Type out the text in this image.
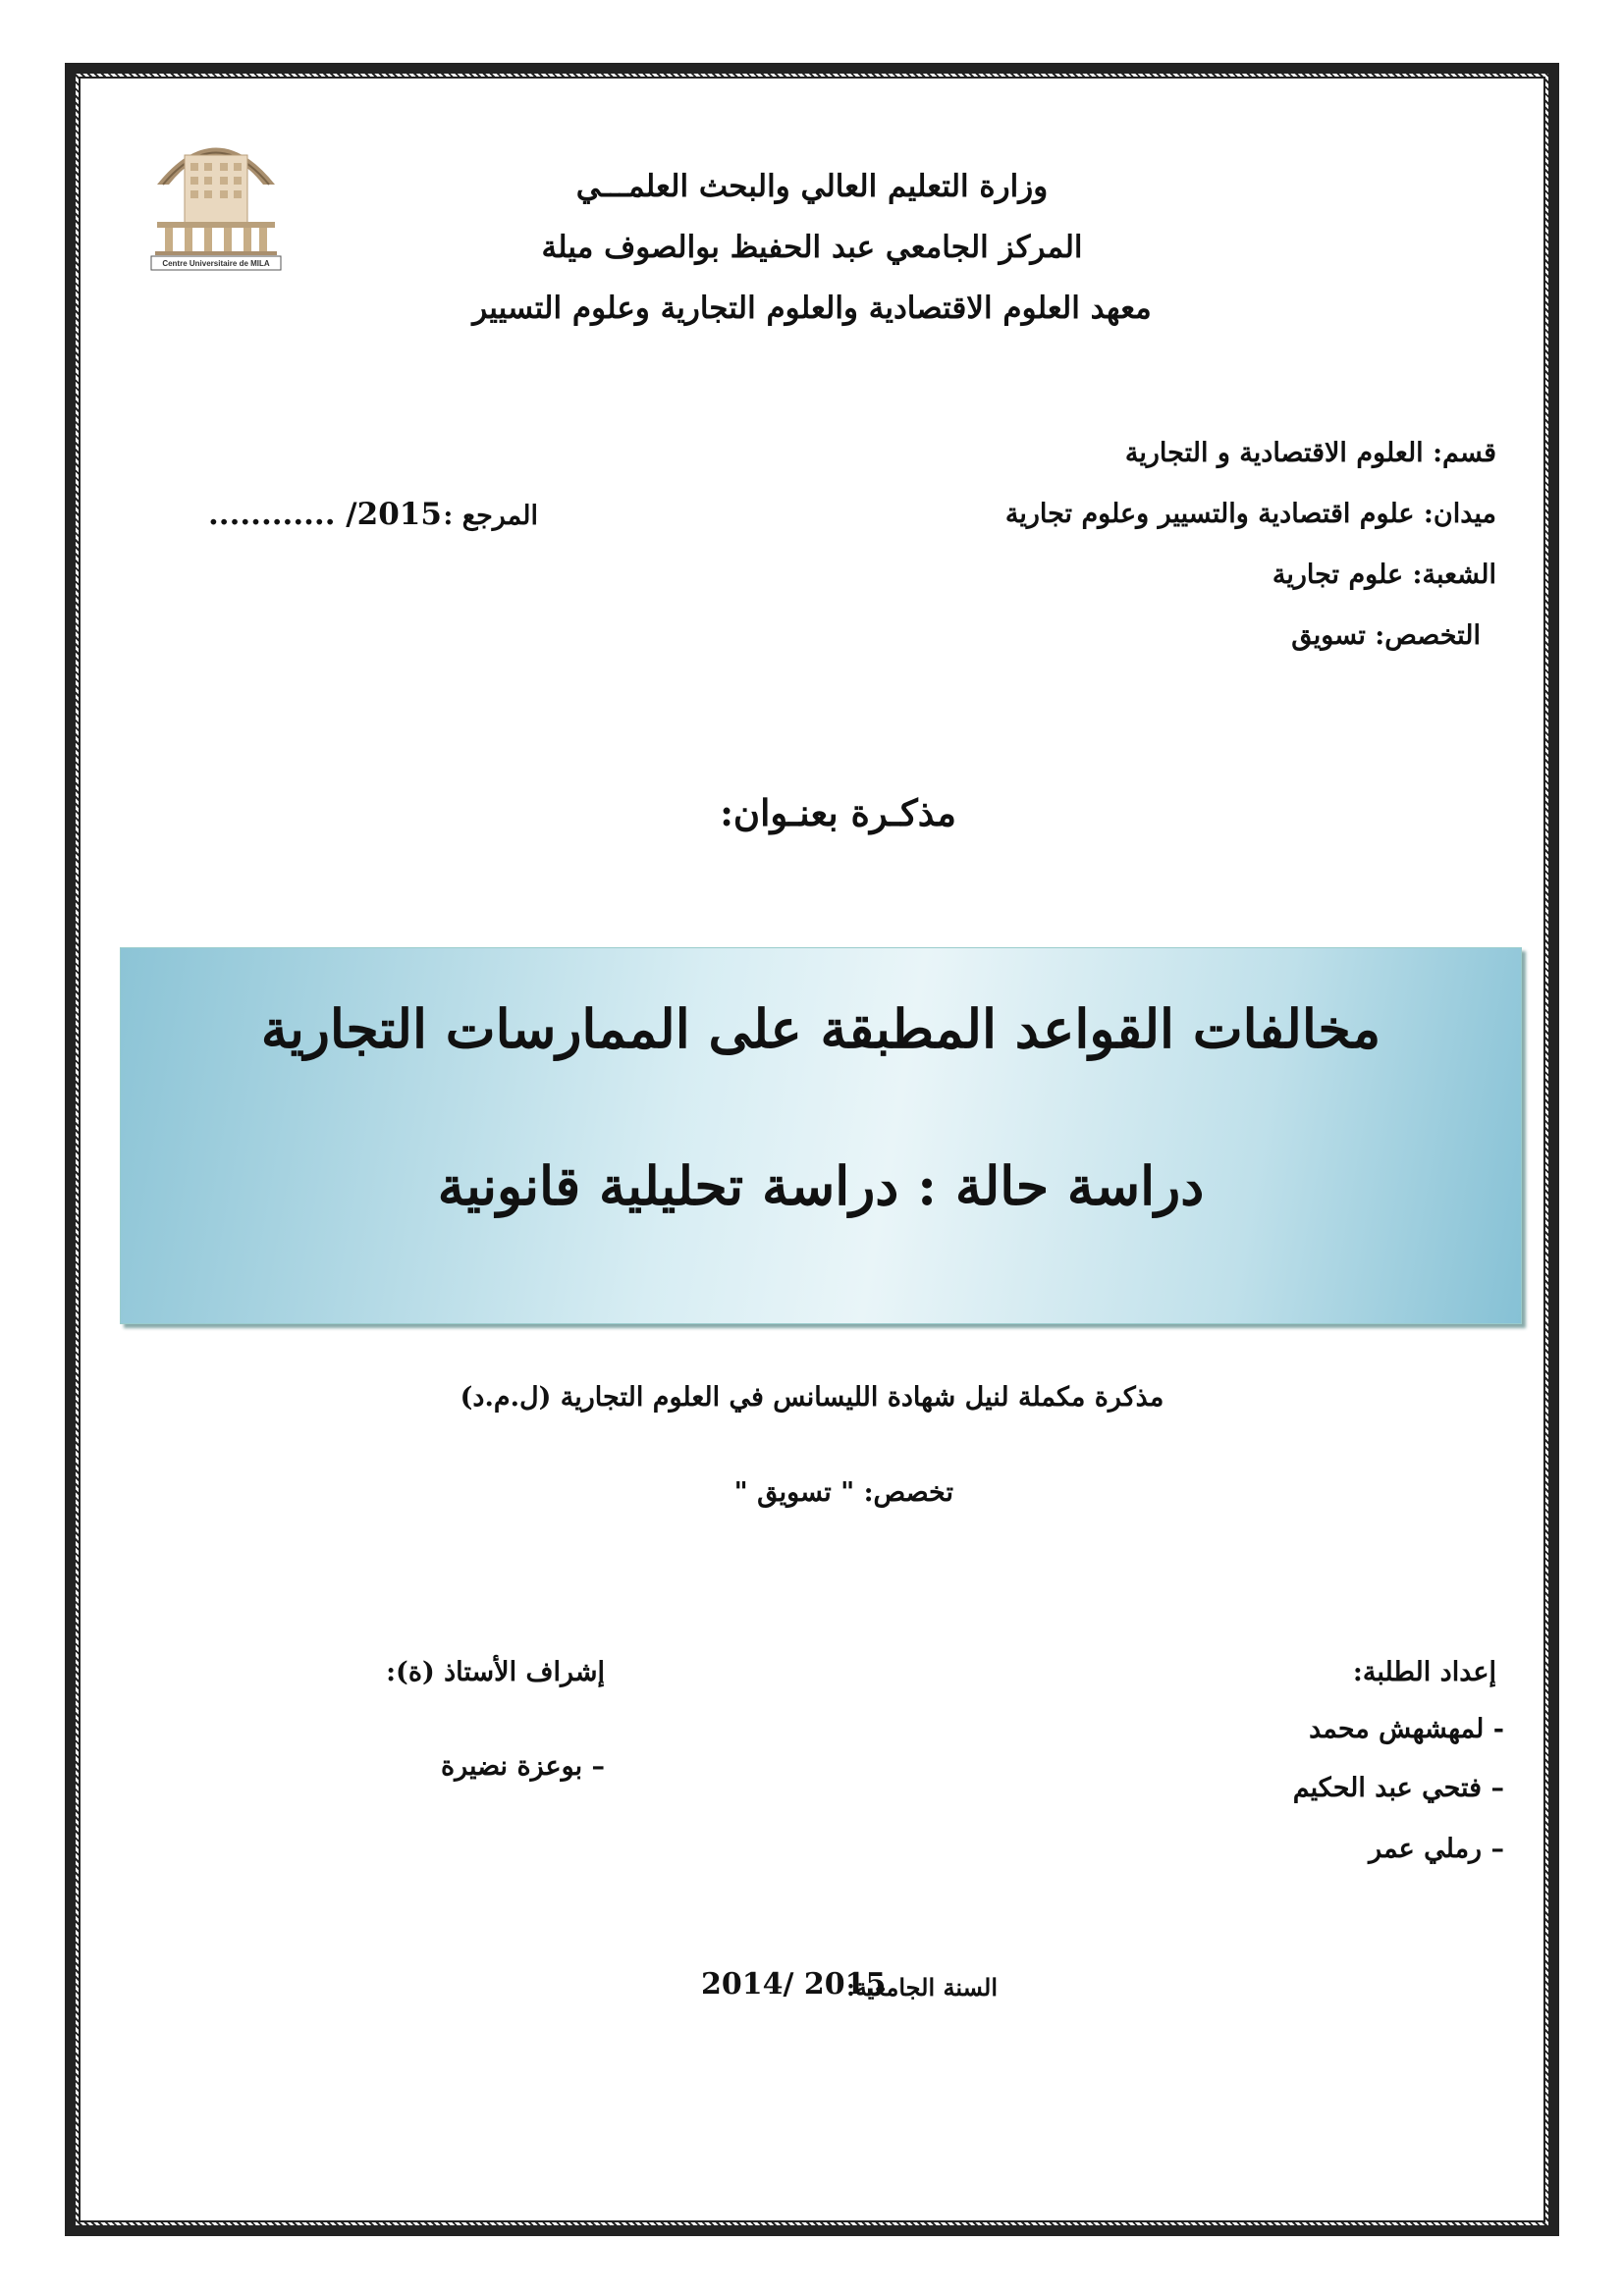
Centre Universitaire de MILA
وزارة التعليم العالي والبحث العلمـــي
المركز الجامعي عبد الحفيظ بوالصوف ميلة
معهد العلوم الاقتصادية والعلوم التجارية وعلوم التسيير
قسم: العلوم الاقتصادية و التجارية
ميدان: علوم اقتصادية والتسيير وعلوم تجارية
الشعبة: علوم تجارية
التخصص: تسويق
............ /2015 المرجع :
مذكـرة بعنـوان:
مخالفات القواعد المطبقة على الممارسات التجارية
دراسة حالة : دراسة تحليلية قانونية
مذكرة مكملة لنيل شهادة الليسانس في العلوم التجارية (ل.م.د)
تخصص: " تسويق "
إعداد الطلبة:
- لمهشهش محمد
– فتحي عبد الحكيم
– رملي عمر
إشراف الأستاذ (ة):
– بوعزة نضيرة
السنة الجامعية:
2014/ 2015
